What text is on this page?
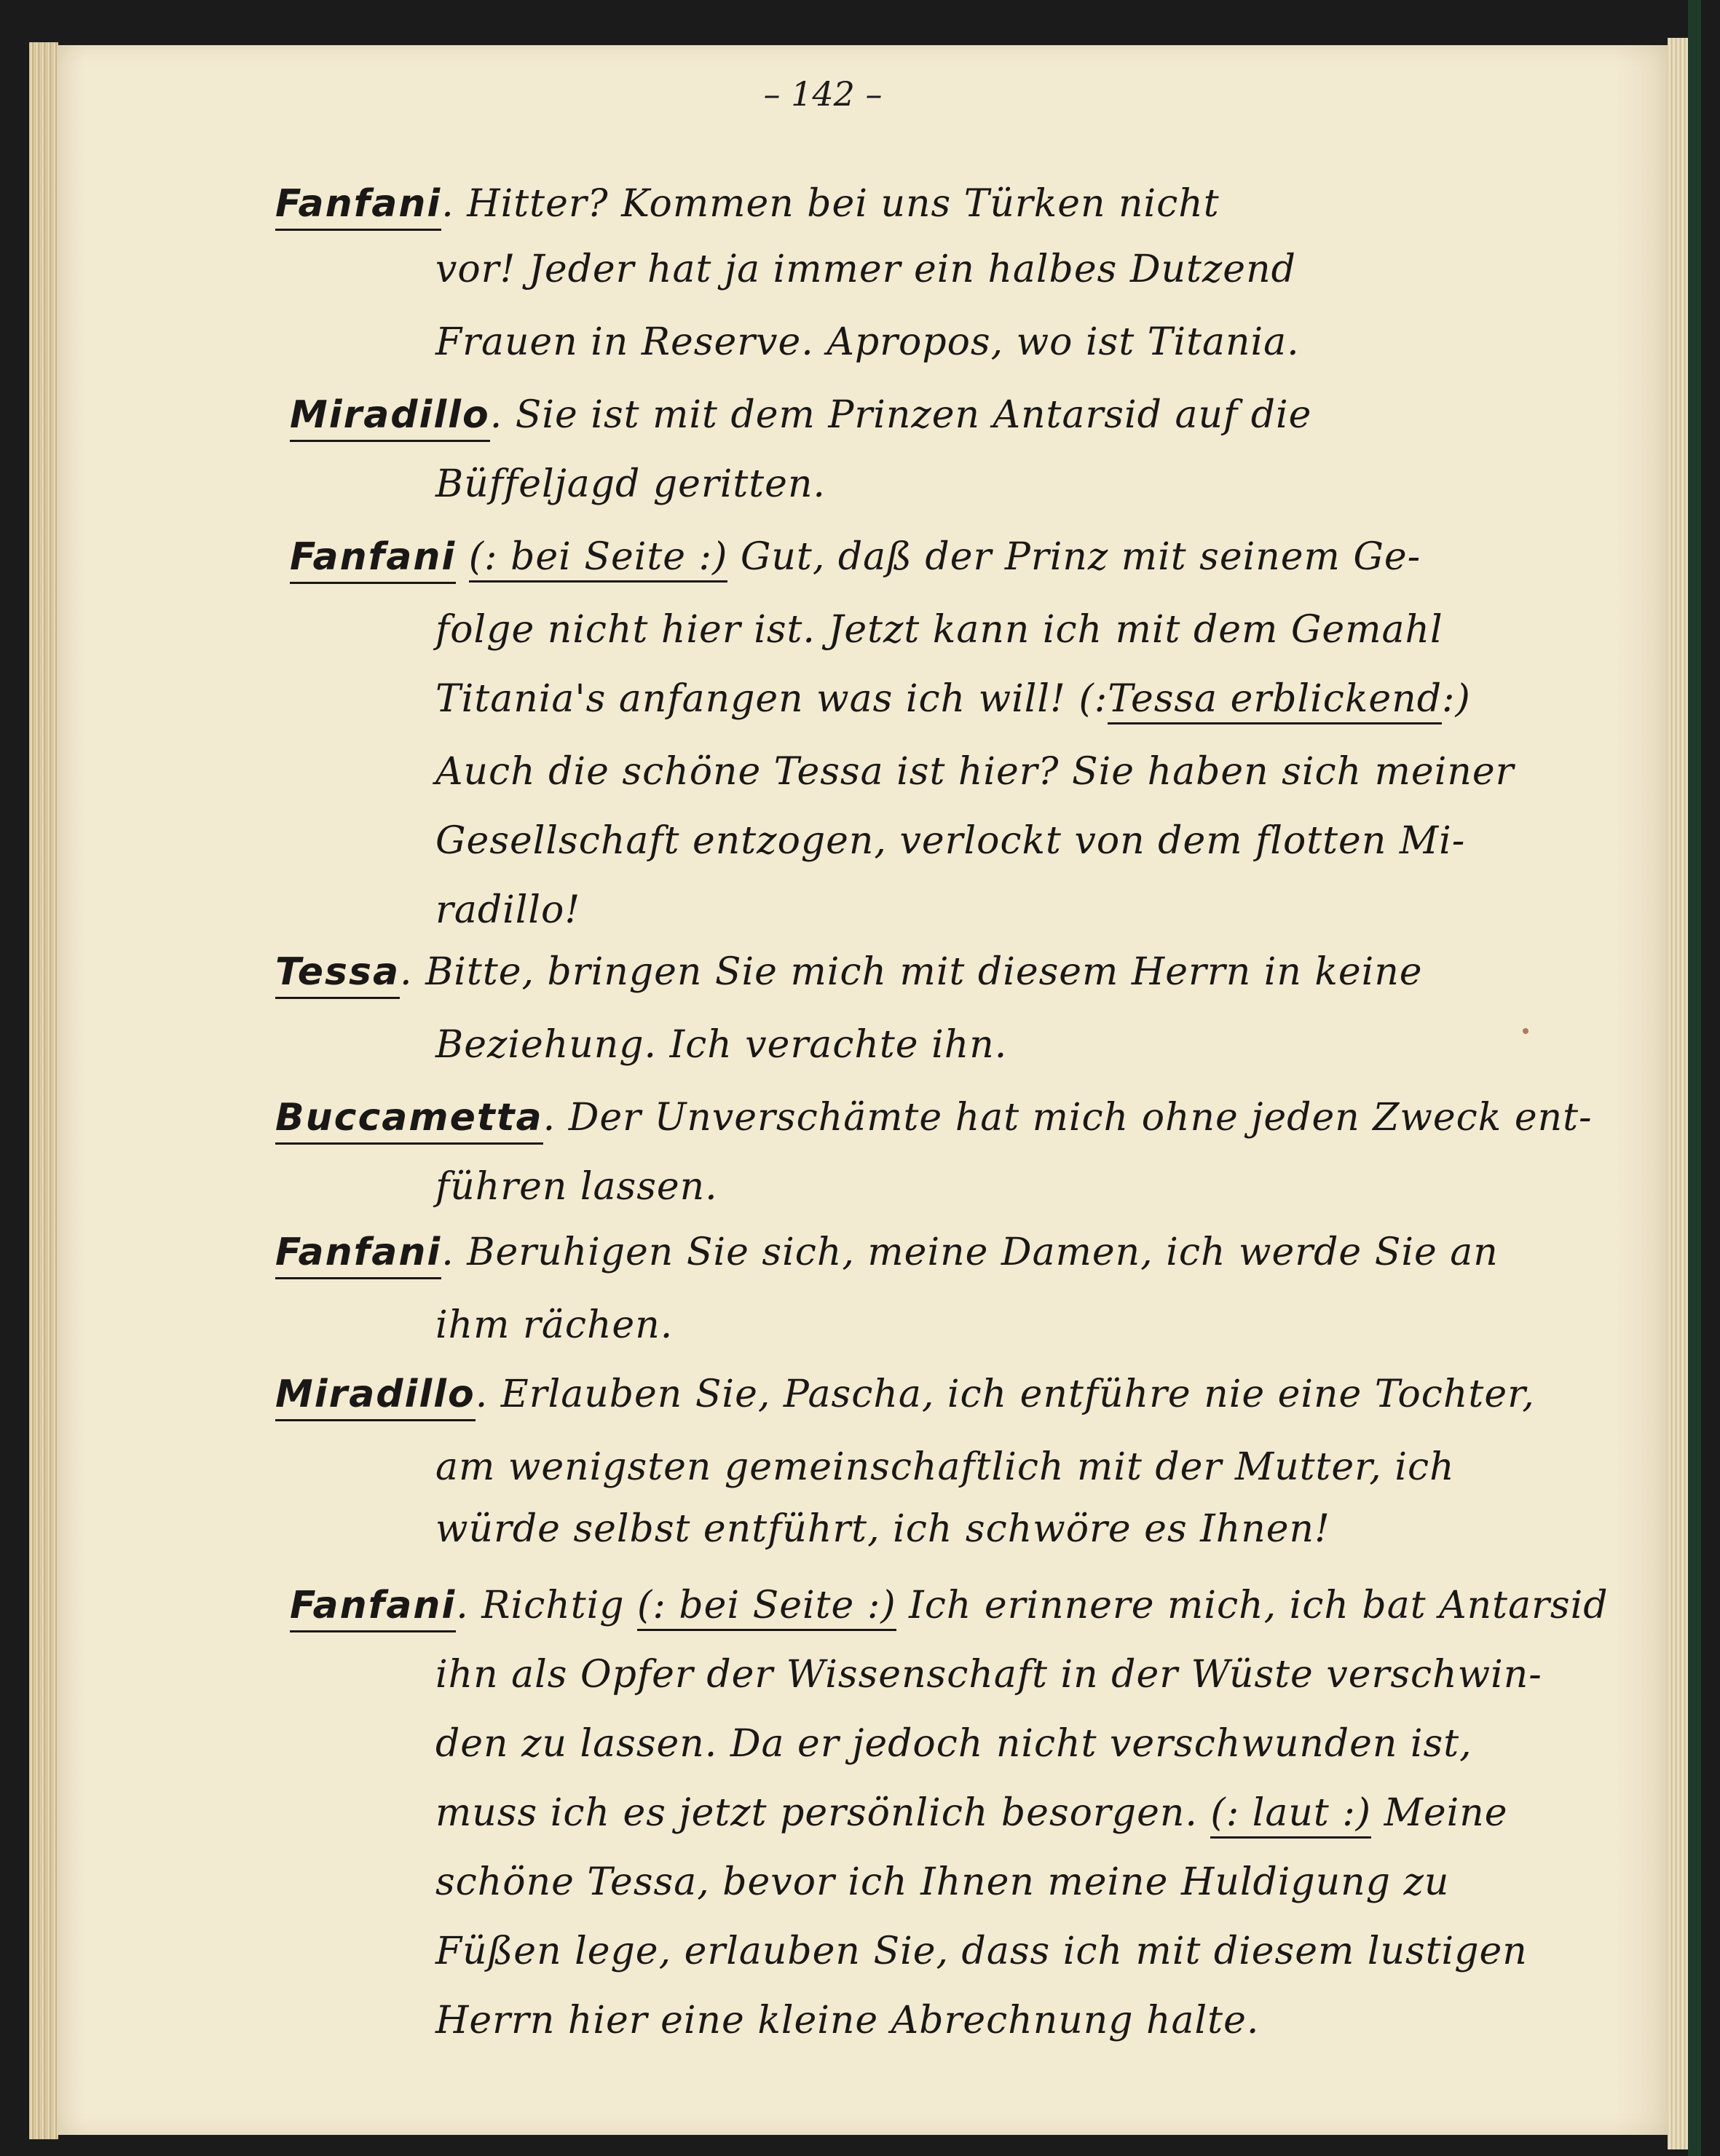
– 142 –
Fanfani. Hitter? Kommen bei uns Türken nicht
vor! Jeder hat ja immer ein halbes Dutzend
Frauen in Reserve. Apropos, wo ist Titania.
Miradillo. Sie ist mit dem Prinzen Antarsid auf die
Büffeljagd geritten.
Fanfani (: bei Seite :) Gut, daß der Prinz mit seinem Ge-
folge nicht hier ist. Jetzt kann ich mit dem Gemahl
Titania's anfangen was ich will! (:Tessa erblickend:)
Auch die schöne Tessa ist hier? Sie haben sich meiner
Gesellschaft entzogen, verlockt von dem flotten Mi-
radillo!
Tessa. Bitte, bringen Sie mich mit diesem Herrn in keine
Beziehung. Ich verachte ihn.
Buccametta. Der Unverschämte hat mich ohne jeden Zweck ent-
führen lassen.
Fanfani. Beruhigen Sie sich, meine Damen, ich werde Sie an
ihm rächen.
Miradillo. Erlauben Sie, Pascha, ich entführe nie eine Tochter,
am wenigsten gemeinschaftlich mit der Mutter, ich
würde selbst entführt, ich schwöre es Ihnen!
Fanfani. Richtig (: bei Seite :) Ich erinnere mich, ich bat Antarsid
ihn als Opfer der Wissenschaft in der Wüste verschwin-
den zu lassen. Da er jedoch nicht verschwunden ist,
muss ich es jetzt persönlich besorgen. (: laut :) Meine
schöne Tessa, bevor ich Ihnen meine Huldigung zu
Füßen lege, erlauben Sie, dass ich mit diesem lustigen
Herrn hier eine kleine Abrechnung halte.
